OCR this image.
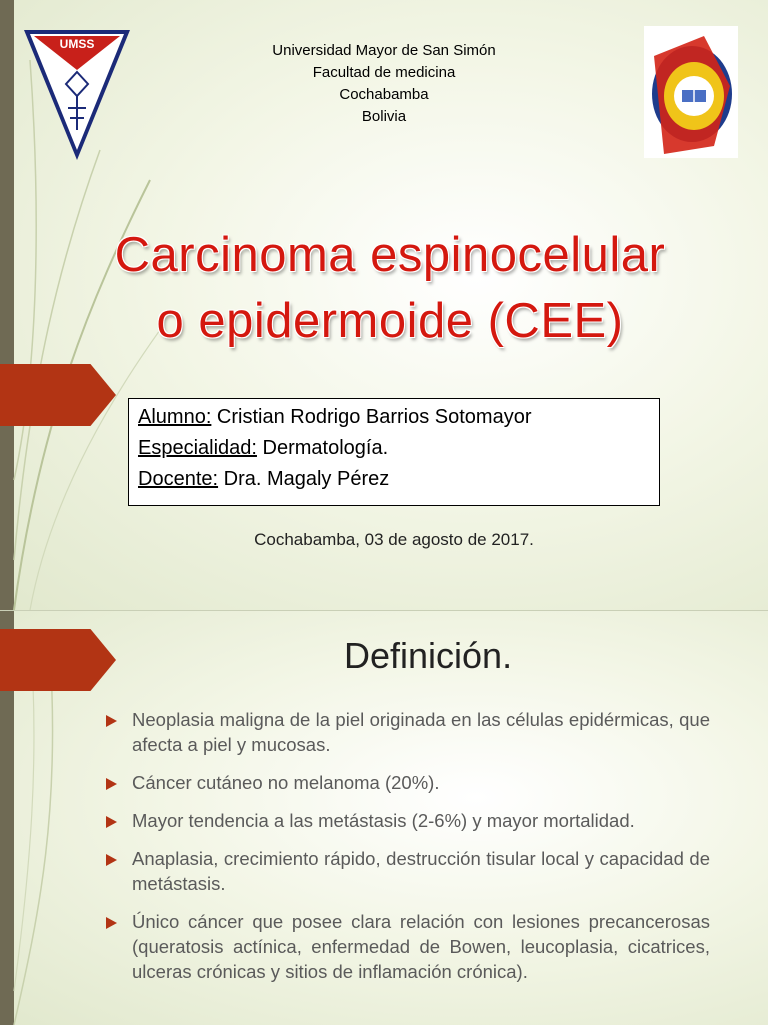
UMSS	Universidad Mayor de San Simón
Facultad de medicina
Cochabamba
Bolivia
Carcinoma espinocelular
o epidermoide (CEE)
Alumno: Cristian Rodrigo Barrios Sotomayor
Especialidad: Dermatología.
Docente: Dra. Magaly Pérez
Cochabamba, 03 de agosto de 2017.
Definición.
Neoplasia maligna de la piel originada en las células epidérmicas, que afecta a piel y mucosas.
Cáncer cutáneo no melanoma (20%).
Mayor tendencia a las metástasis (2-6%) y mayor mortalidad.
Anaplasia, crecimiento rápido, destrucción tisular local y capacidad de metástasis.
Único cáncer que posee clara relación con lesiones precancerosas (queratosis actínica, enfermedad de Bowen, leucoplasia, cicatrices, ulceras crónicas y sitios de inflamación crónica).
